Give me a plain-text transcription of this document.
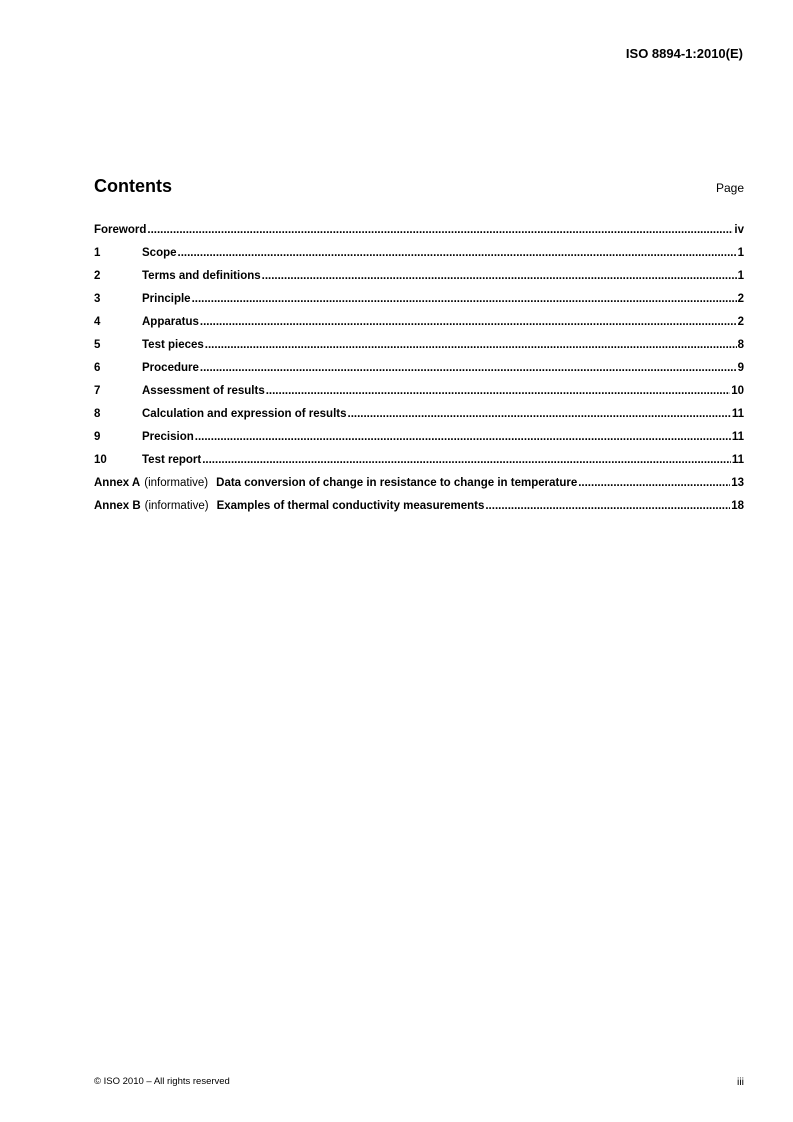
ISO 8894-1:2010(E)
Contents	Page
Foreword .....	iv
1	Scope .....	1
2	Terms and definitions .....	1
3	Principle .....	2
4	Apparatus .....	2
5	Test pieces .....	8
6	Procedure .....	9
7	Assessment of results .....	10
8	Calculation and expression of results .....	11
9	Precision .....	11
10	Test report .....	11
Annex A (informative) Data conversion of change in resistance to change in temperature .....	13
Annex B (informative) Examples of thermal conductivity measurements .....	18
© ISO 2010 – All rights reserved	iii
